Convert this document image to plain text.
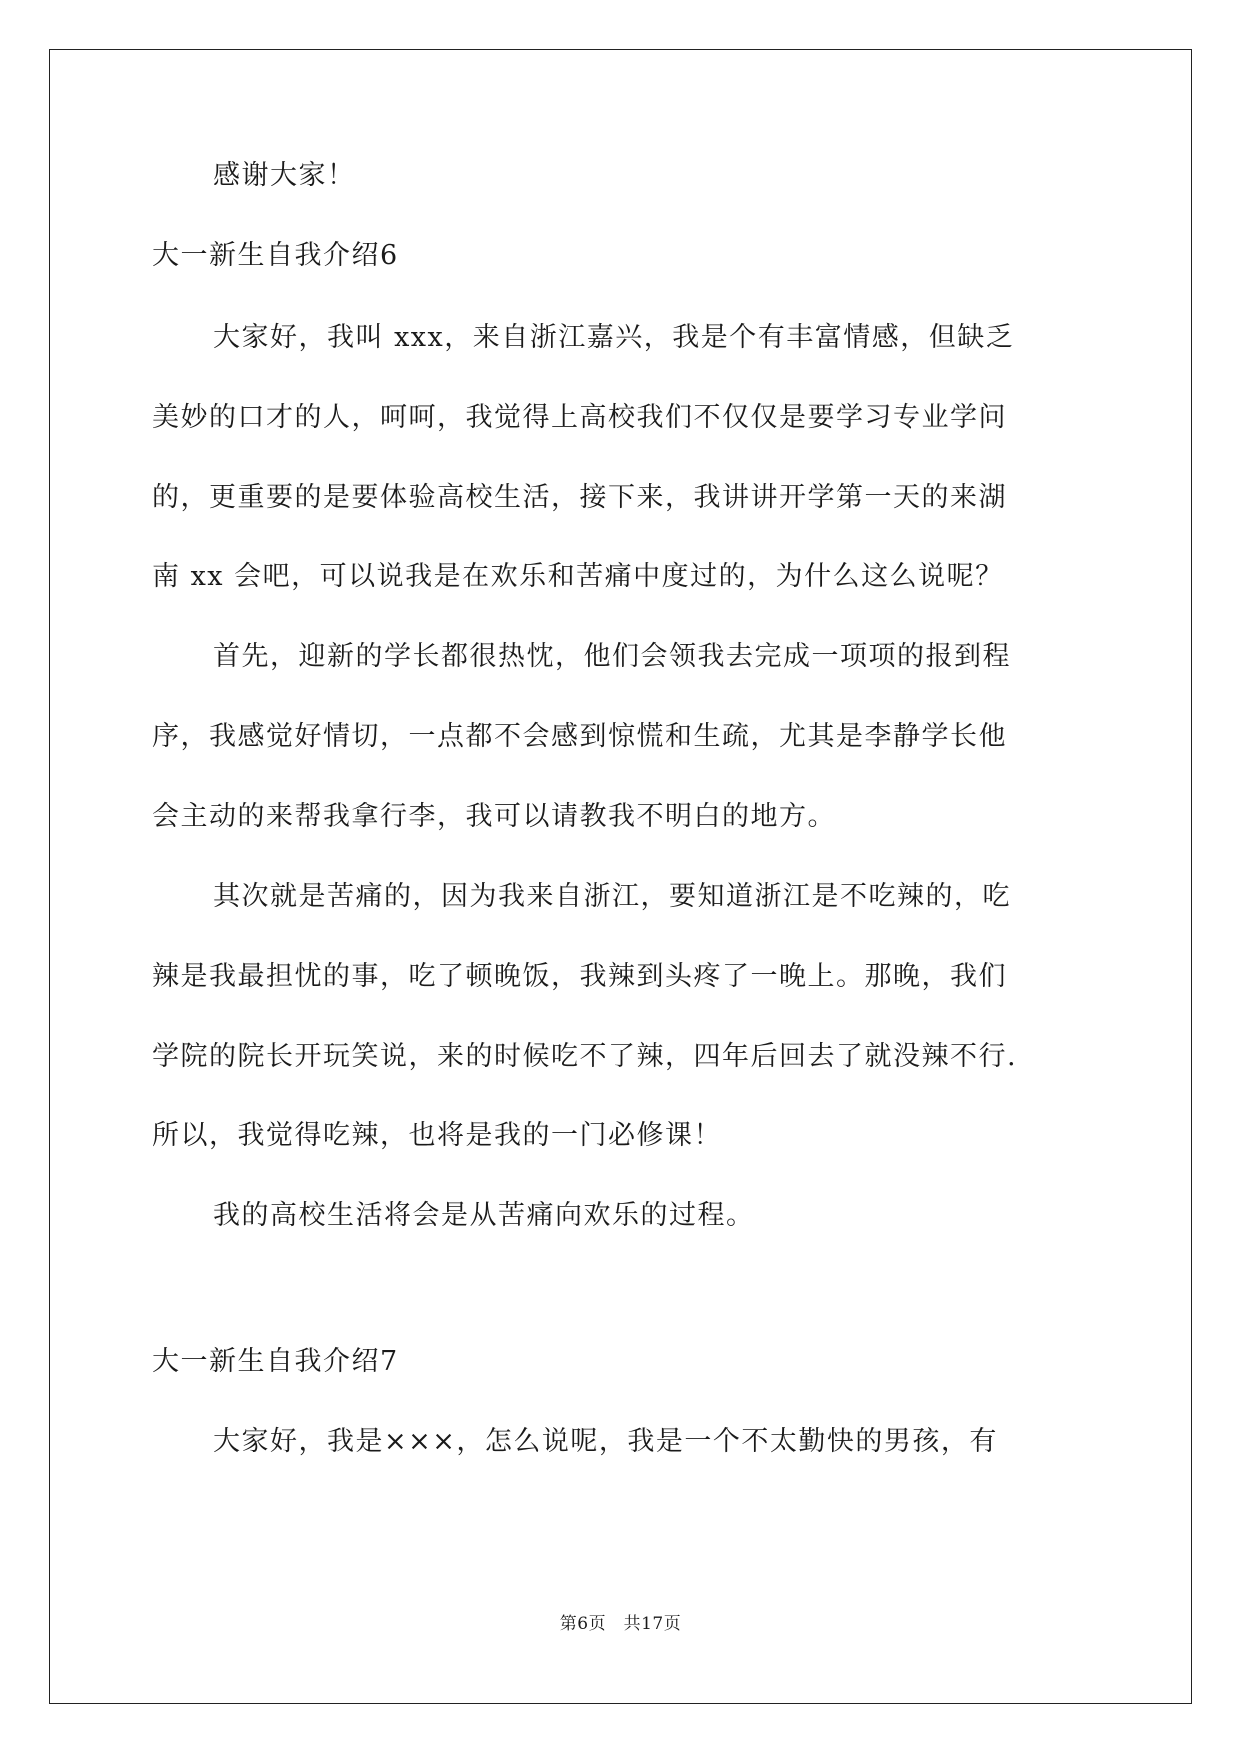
感谢大家！
大一新生自我介绍6
大家好，我叫 xxx，来自浙江嘉兴，我是个有丰富情感，但缺乏
美妙的口才的人，呵呵，我觉得上高校我们不仅仅是要学习专业学问
的，更重要的是要体验高校生活，接下来，我讲讲开学第一天的来湖
南 xx 会吧，可以说我是在欢乐和苦痛中度过的，为什么这么说呢？
首先，迎新的学长都很热忱，他们会领我去完成一项项的报到程
序，我感觉好情切，一点都不会感到惊慌和生疏，尤其是李静学长他
会主动的来帮我拿行李，我可以请教我不明白的地方。
其次就是苦痛的，因为我来自浙江，要知道浙江是不吃辣的，吃
辣是我最担忧的事，吃了顿晚饭，我辣到头疼了一晚上。那晚，我们
学院的院长开玩笑说，来的时候吃不了辣，四年后回去了就没辣不行.
所以，我觉得吃辣，也将是我的一门必修课！
我的高校生活将会是从苦痛向欢乐的过程。
大一新生自我介绍7
大家好，我是×××，怎么说呢，我是一个不太勤快的男孩，有
第6页　共17页
